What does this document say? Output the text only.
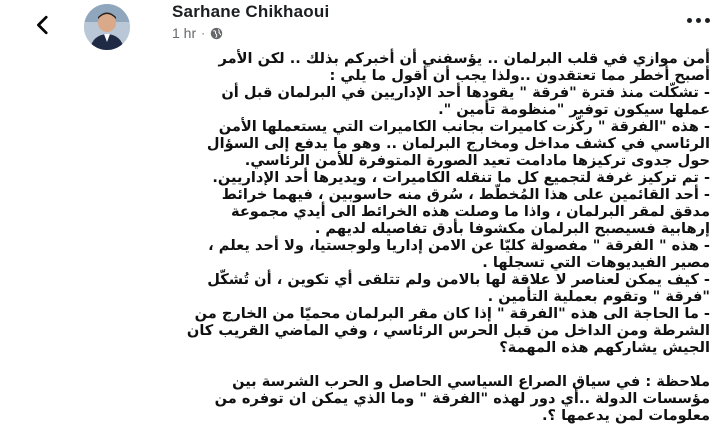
Sarhane Chikhaoui
1 hr ·
أمن موازي في قلب البرلمان .. يؤسفني أن أخبركم بذلك .. لكن الأمر
أصبح أخطر مما تعتقدون ..ولذا يجب أن أقول ما يلي :
- تشكّلت منذ فترة "فرقة " يقودها أحد الإداريين في البرلمان قبل أن
عملها سيكون توفير "منظومة تأمين ".
- هذه "الفرقة " ركّزت كاميرات بجانب الكاميرات التي يستعملها الأمن
الرئاسي في كشف مداخل ومخارج البرلمان .. وهو ما يدفع إلى السؤال
حول جدوى تركيزها مادامت تعيد الصورة المتوفرة للأمن الرئاسي.
- تم تركيز غرفة لتجميع كل ما تنقله الكاميرات ، ويديرها أحد الإداريين.
- أحد القائمين على هذا المُخطّط ، سُرق منه حاسوبين ، فيهما خرائط
مدقق لمقر البرلمان ، واذا ما وصلت هذه الخرائط الى أيدي مجموعة
إرهابية فسيصبح البرلمان مكشوفا بأدق تفاصيله لديهم .
- هذه " الفرقة " مفصولة كليّا عن الامن إداريا ولوجستيا، ولا أحد يعلم ،
مصير الفيديوهات التي تسجلها .
- كيف يمكن لعناصر لا علاقة لها بالامن ولم تتلقى أي تكوين ، أن تُشكّل
"فرقة " وتقوم بعملية التأمين .
- ما الحاجة الى هذه "الفرقة " إذا كان مقر البرلمان محميّا من الخارج من
الشرطة ومن الداخل من قبل الحرس الرئاسي ، وفي الماضي القريب كان
الجيش يشاركهم هذه المهمة؟
ملاحظة : في سياق الصراع السياسي الحاصل و الحرب الشرسة بين
مؤسسات الدولة ..أي دور لهذه "الفرقة " وما الذي يمكن ان توفره من
معلومات لمن يدعمها ؟.
